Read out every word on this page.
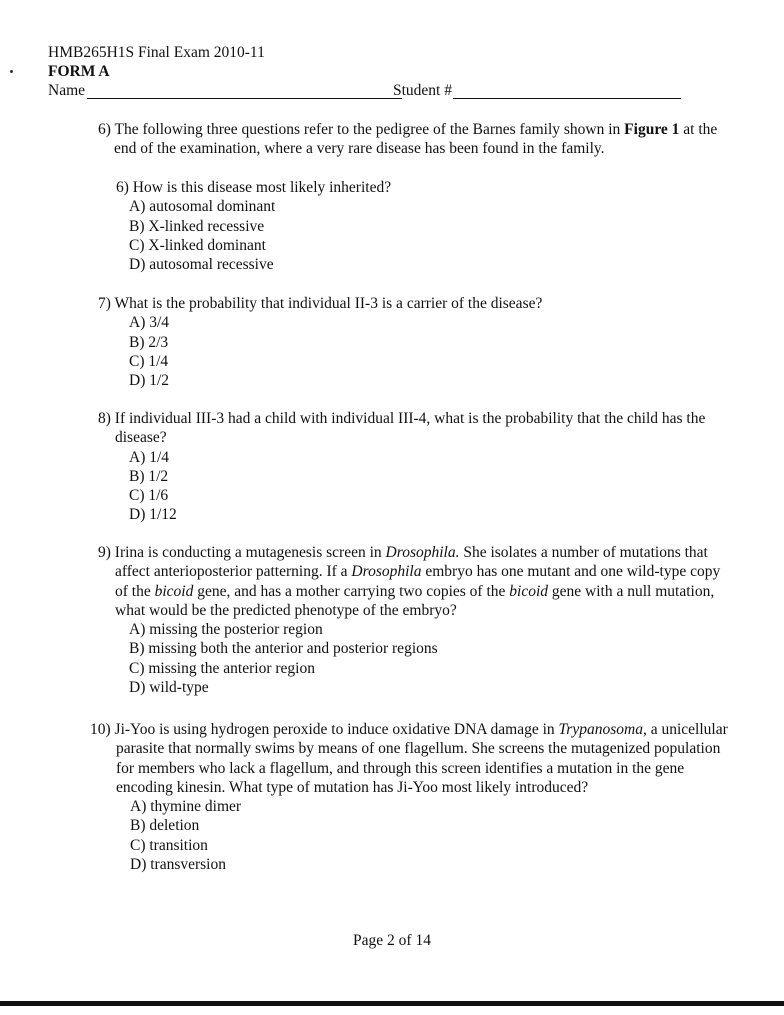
HMB265H1S Final Exam 2010-11
FORM A
Name	Student #
6) The following three questions refer to the pedigree of the Barnes family shown in Figure 1 at the
end of the examination, where a very rare disease has been found in the family.
6) How is this disease most likely inherited?
A) autosomal dominant
B) X-linked recessive
C) X-linked dominant
D) autosomal recessive
7) What is the probability that individual II-3 is a carrier of the disease?
A) 3/4
B) 2/3
C) 1/4
D) 1/2
8) If individual III-3 had a child with individual III-4, what is the probability that the child has the
disease?
A) 1/4
B) 1/2
C) 1/6
D) 1/12
9) Irina is conducting a mutagenesis screen in Drosophila. She isolates a number of mutations that
affect anterioposterior patterning. If a Drosophila embryo has one mutant and one wild-type copy
of the bicoid gene, and has a mother carrying two copies of the bicoid gene with a null mutation,
what would be the predicted phenotype of the embryo?
A) missing the posterior region
B) missing both the anterior and posterior regions
C) missing the anterior region
D) wild-type
10) Ji-Yoo is using hydrogen peroxide to induce oxidative DNA damage in Trypanosoma, a unicellular
parasite that normally swims by means of one flagellum. She screens the mutagenized population
for members who lack a flagellum, and through this screen identifies a mutation in the gene
encoding kinesin. What type of mutation has Ji-Yoo most likely introduced?
A) thymine dimer
B) deletion
C) transition
D) transversion
Page 2 of 14
